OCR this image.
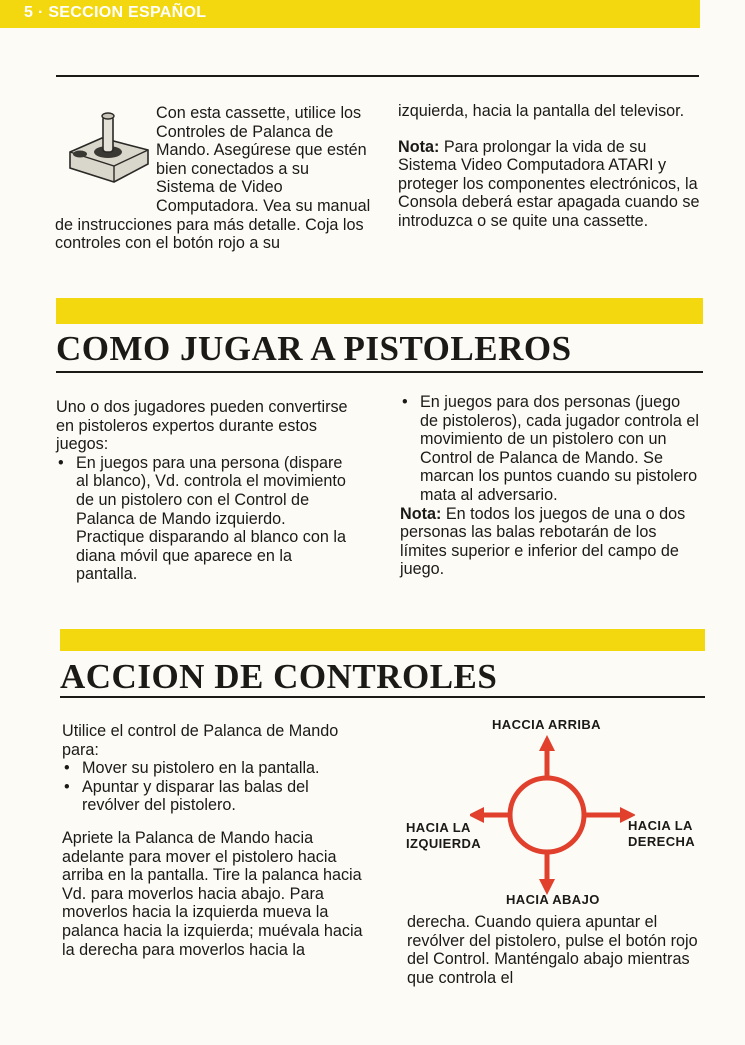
5 · SECCION ESPAÑOL

Con esta cassette, utilice los Controles de Palanca de Mando. Asegúrese que estén bien conectados a su Sistema de Video Computadora. Vea su manual de instrucciones para más detalle. Coja los controles con el botón rojo a su

izquierda, hacia la pantalla del televisor.

Nota: Para prolongar la vida de su Sistema Video Computadora ATARI y proteger los componentes electrónicos, la Consola deberá estar apagada cuando se introduzca o se quite una cassette.

COMO JUGAR A PISTOLEROS

Uno o dos jugadores pueden convertirse en pistoleros expertos durante estos juegos:

• En juegos para una persona (dispare al blanco), Vd. controla el movimiento de un pistolero con el Control de Palanca de Mando izquierdo. Practique disparando al blanco con la diana móvil que aparece en la pantalla.
• En juegos para dos personas (juego de pistoleros), cada jugador controla el movimiento de un pistolero con un Control de Palanca de Mando. Se marcan los puntos cuando su pistolero mata al adversario.

Nota: En todos los juegos de una o dos personas las balas rebotarán de los límites superior e inferior del campo de juego.

ACCION DE CONTROLES

Utilice el control de Palanca de Mando para:

• Mover su pistolero en la pantalla.
• Apuntar y disparar las balas del revólver del pistolero.

Apriete la Palanca de Mando hacia adelante para mover el pistolero hacia arriba en la pantalla. Tire la palanca hacia Vd. para moverlos hacia abajo. Para moverlos hacia la izquierda mueva la palanca hacia la izquierda; muévala hacia la derecha para moverlos hacia la

HACCIA ARRIBA
HACIA LA
IZQUIERDA
HACIA LA
DERECHA
HACIA ABAJO

derecha. Cuando quiera apuntar el revólver del pistolero, pulse el botón rojo del Control. Manténgalo abajo mientras que controla el
